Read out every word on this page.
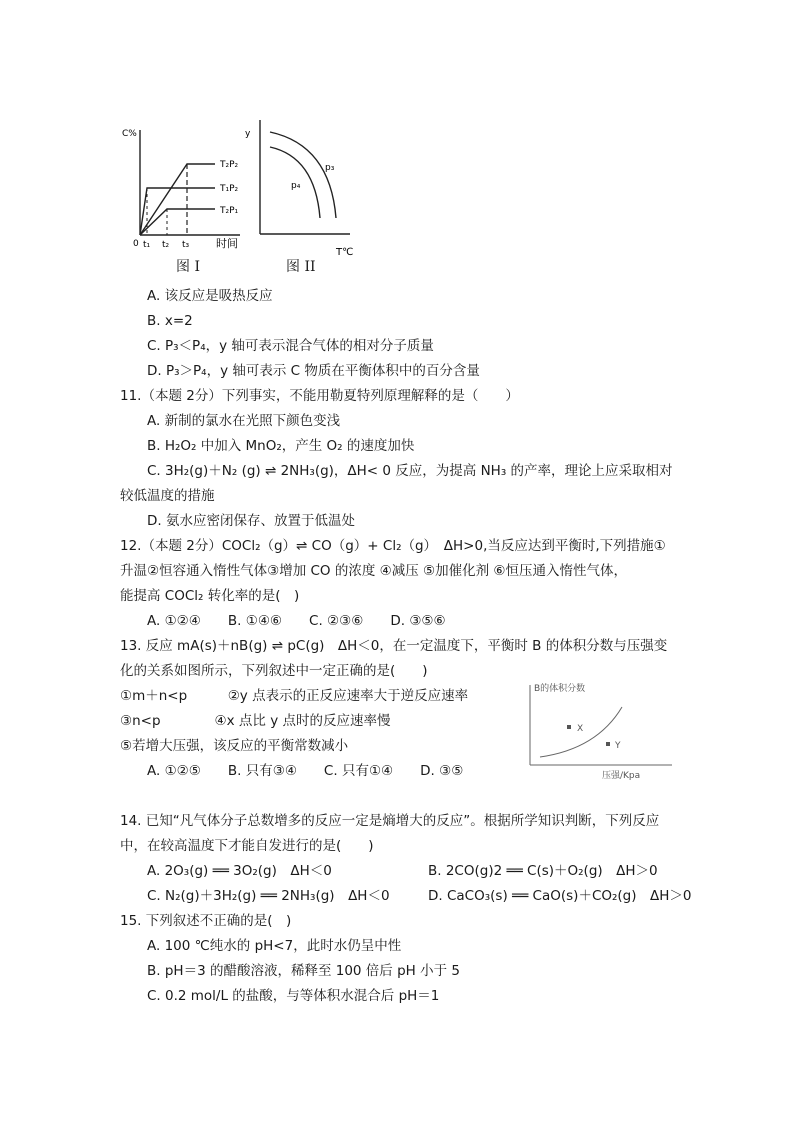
C%
0 t₁ t₂ t₃ 时间
T₂P₂
T₁P₂
T₂P₁
图 I
y
p₃
p₄
T℃
图 II
A. 该反应是吸热反应
B. x=2
C. P₃＜P₄，y 轴可表示混合气体的相对分子质量
D. P₃＞P₄，y 轴可表示 C 物质在平衡体积中的百分含量
11.（本题 2分）下列事实，不能用勒夏特列原理解释的是（　　）
A. 新制的氯水在光照下颜色变浅
B. H₂O₂ 中加入 MnO₂，产生 O₂ 的速度加快
C. 3H₂(g)＋N₂ (g) ⇌ 2NH₃(g)，ΔH< 0 反应，为提高 NH₃ 的产率，理论上应采取相对
较低温度的措施
D. 氨水应密闭保存、放置于低温处
12.（本题 2分）COCl₂（g）⇌ CO（g）+ Cl₂（g）　ΔH>0,当反应达到平衡时,下列措施①
升温②恒容通入惰性气体③增加 CO 的浓度 ④减压 ⑤加催化剂 ⑥恒压通入惰性气体，
能提高 COCl₂ 转化率的是(　)
A. ①②④　　B. ①④⑥　　C. ②③⑥　　D. ③⑤⑥
13. 反应 mA(s)＋nB(g) ⇌ pC(g)　ΔH＜0，在一定温度下，平衡时 B 的体积分数与压强变
化的关系如图所示，下列叙述中一定正确的是(　　)
①m＋n<p　　　②y 点表示的正反应速率大于逆反应速率
③n<p　　　　④x 点比 y 点时的反应速率慢
⑤若增大压强，该反应的平衡常数减小
A. ①②⑤　　B. 只有③④　　C. 只有①④　　D. ③⑤
B的体积分数
X
Y
压强/Kpa
14. 已知“凡气体分子总数增多的反应一定是熵增大的反应”。根据所学知识判断，下列反应
中，在较高温度下才能自发进行的是(　　)
A. 2O₃(g) ══ 3O₂(g)　ΔH＜0	B. 2CO(g)2 ══ C(s)＋O₂(g)　ΔH＞0
C. N₂(g)＋3H₂(g) ══ 2NH₃(g)　ΔH＜0	D. CaCO₃(s) ══ CaO(s)＋CO₂(g)　ΔH＞0
15. 下列叙述不正确的是(　)
A. 100 ℃纯水的 pH<7，此时水仍呈中性
B. pH＝3 的醋酸溶液，稀释至 100 倍后 pH 小于 5
C. 0.2 mol/L 的盐酸，与等体积水混合后 pH＝1
